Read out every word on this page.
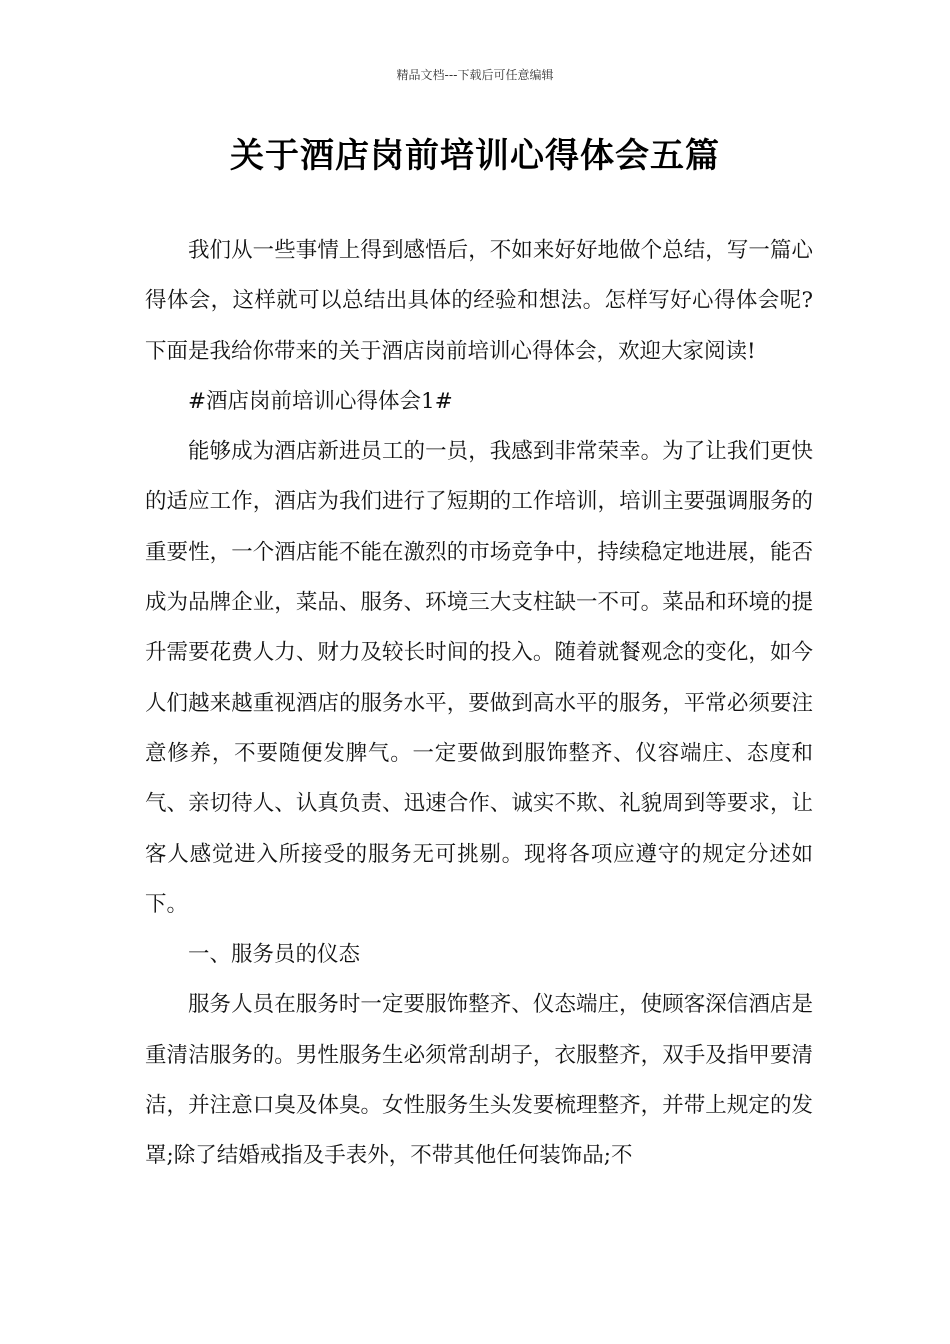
精品文档---下载后可任意编辑
关于酒店岗前培训心得体会五篇

我们从一些事情上得到感悟后，不如来好好地做个总结，写一篇心得体会，这样就可以总结出具体的经验和想法。怎样写好心得体会呢?下面是我给你带来的关于酒店岗前培训心得体会，欢迎大家阅读!

#酒店岗前培训心得体会1#

能够成为酒店新进员工的一员，我感到非常荣幸。为了让我们更快的适应工作，酒店为我们进行了短期的工作培训，培训主要强调服务的重要性，一个酒店能不能在激烈的市场竞争中，持续稳定地进展，能否成为品牌企业，菜品、服务、环境三大支柱缺一不可。菜品和环境的提升需要花费人力、财力及较长时间的投入。随着就餐观念的变化，如今人们越来越重视酒店的服务水平，要做到高水平的服务，平常必须要注意修养，不要随便发脾气。一定要做到服饰整齐、仪容端庄、态度和气、亲切待人、认真负责、迅速合作、诚实不欺、礼貌周到等要求，让客人感觉进入所接受的服务无可挑剔。现将各项应遵守的规定分述如下。

一、服务员的仪态

服务人员在服务时一定要服饰整齐、仪态端庄，使顾客深信酒店是重清洁服务的。男性服务生必须常刮胡子，衣服整齐，双手及指甲要清洁，并注意口臭及体臭。女性服务生头发要梳理整齐，并带上规定的发罩;除了结婚戒指及手表外，不带其他任何装饰品;不
